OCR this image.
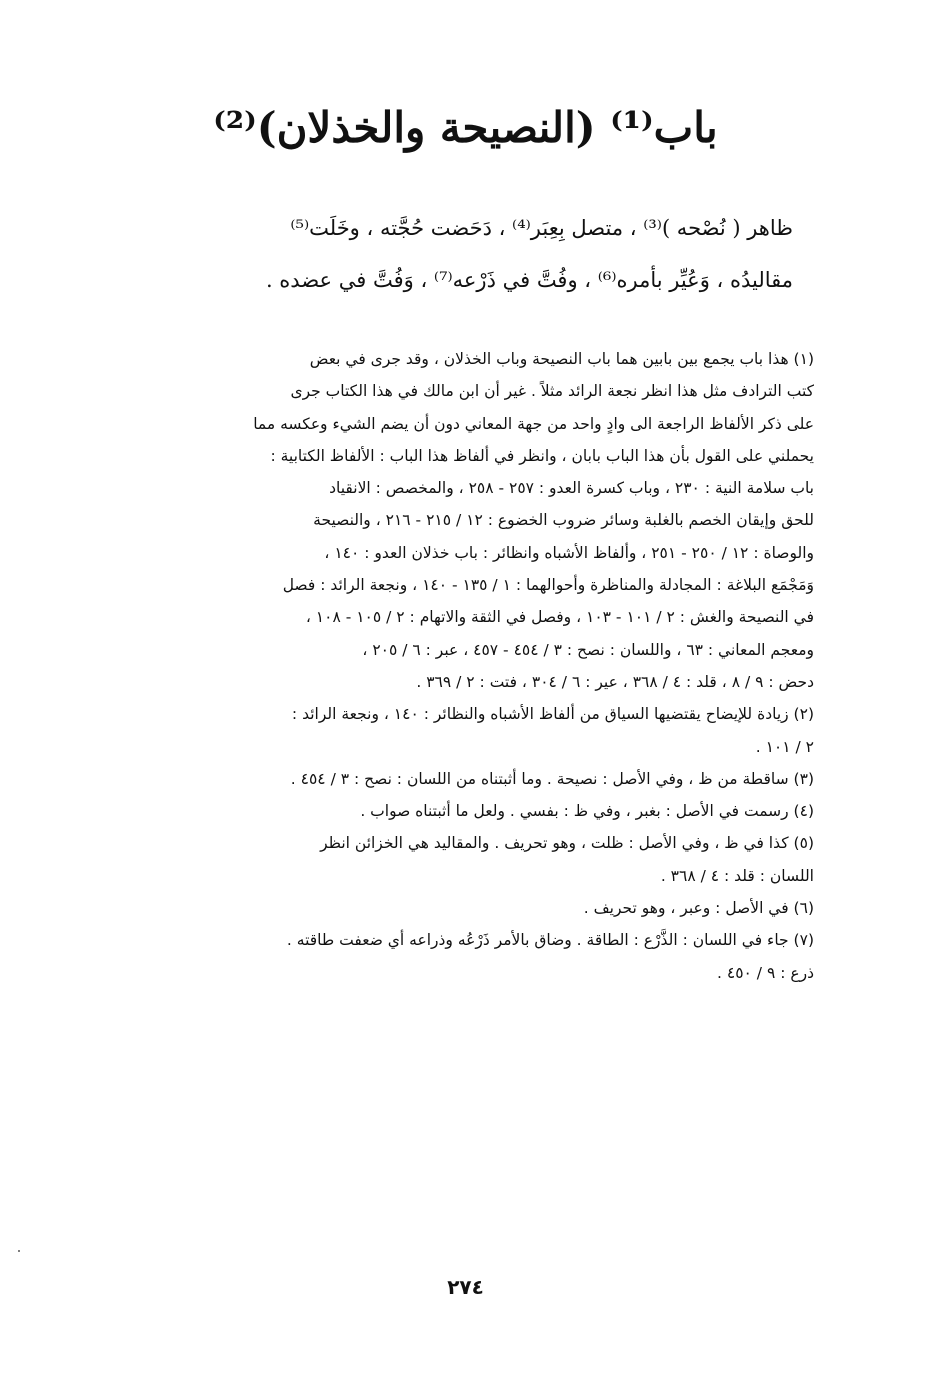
باب⁽¹⁾ (النصيحة والخذلان)⁽²⁾
ظاهر ( نُصْحه )⁽³⁾ ، متصل بِعِبَر⁽⁴⁾ ، دَحَضت حُجَّته ، وخَلَت⁽⁵⁾
مقاليدُه ، وَعُيِّر بأمره⁽⁶⁾ ، وفُتَّ في ذَرْعه⁽⁷⁾ ، وَفُتَّ في عضده .
(١) هذا باب يجمع بين بابين هما باب النصيحة وباب الخذلان ، وقد جرى في بعض
كتب الترادف مثل هذا انظر نجعة الرائد مثلاً . غير أن ابن مالك في هذا الكتاب جرى
على ذكر الألفاظ الراجعة الى وادٍ واحد من جهة المعاني دون أن يضم الشيء وعكسه مما
يحملني على القول بأن هذا الباب بابان ، وانظر في ألفاظ هذا الباب : الألفاظ الكتابية :
باب سلامة النية : ٢٣٠ ، وباب كسرة العدو : ٢٥٧ - ٢٥٨ ، والمخصص : الانقياد
للحق وإيقان الخصم بالغلبة وسائر ضروب الخضوع : ١٢ / ٢١٥ - ٢١٦ ، والنصيحة
والوصاة : ١٢ / ٢٥٠ - ٢٥١ ، وألفاظ الأشباه وانظائر : باب خذلان العدو : ١٤٠ ،
وَمَجْمَع البلاغة : المجادلة والمناظرة وأحوالهما : ١ / ١٣٥ - ١٤٠ ، ونجعة الرائد : فصل
في النصيحة والغش : ٢ / ١٠١ - ١٠٣ ، وفصل في الثقة والاتهام : ٢ / ١٠٥ - ١٠٨ ،
ومعجم المعاني : ٦٣ ، واللسان : نصح : ٣ / ٤٥٤ - ٤٥٧ ، عبر : ٦ / ٢٠٥ ،
دحض : ٩ / ٨ ، قلد : ٤ / ٣٦٨ ، عير : ٦ / ٣٠٤ ، فتت : ٢ / ٣٦٩ .
(٢) زيادة للإيضاح يقتضيها السياق من ألفاظ الأشباه والنظائر : ١٤٠ ، ونجعة الرائد :
٢ / ١٠١ .
(٣) ساقطة من ظ ، وفي الأصل : نصيحة . وما أثبتناه من اللسان : نصح : ٣ / ٤٥٤ .
(٤) رسمت في الأصل : بغبر ، وفي ظ : بفسي . ولعل ما أثبتناه صواب .
(٥) كذا في ظ ، وفي الأصل : ظلت ، وهو تحريف . والمقاليد هي الخزائن انظر
اللسان : قلد : ٤ / ٣٦٨ .
(٦) في الأصل : وعبر ، وهو تحريف .
(٧) جاء في اللسان : الذَّرْع : الطاقة . وضاق بالأمر ذَرْعُه وذراعه أي ضعفت طاقته .
ذرع : ٩ / ٤٥٠ .
٢٧٤
